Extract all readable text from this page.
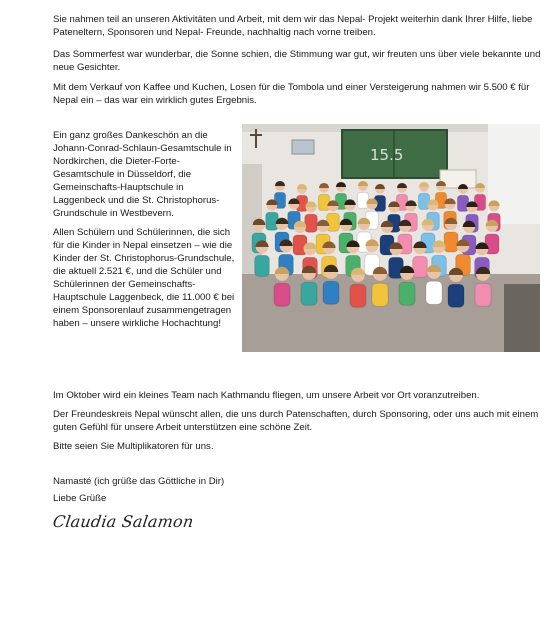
Sie nahmen teil an unseren Aktivitäten und Arbeit, mit dem wir das Nepal- Projekt weiterhin dank Ihrer Hilfe, liebe Pateneltern, Sponsoren und Nepal- Freunde, nachhaltig nach vorne treiben.

Das Sommerfest war wunderbar, die Sonne schien, die Stimmung war gut, wir freuten uns über viele bekannte und neue Gesichter.

Mit dem Verkauf von Kaffee und Kuchen, Losen für die Tombola und einer Versteigerung nahmen wir 5.500 € für Nepal ein – das war ein wirklich gutes Ergebnis.

Ein ganz großes Dankeschön an die Johann-Conrad-Schlaun-Gesamtschule in Nordkirchen, die Dieter-Forte-Gesamtschule in Düsseldorf, die Gemeinschafts-Hauptschule in Laggenbeck und die St. Christophorus-Grundschule in Westbevern.

Allen Schülern und Schülerinnen, die sich für die Kinder in Nepal einsetzen – wie die Kinder der St. Christophorus-Grundschule, die aktuell 2.521 €, und die Schüler und Schülerinnen der Gemeinschafts-Hauptschule Laggenbeck, die 11.000 € bei einem Sponsorenlauf zusammengetragen haben – unsere wirkliche Hochachtung!

15.5

Im Oktober wird ein kleines Team nach Kathmandu fliegen, um unsere Arbeit vor Ort voranzutreiben.

Der Freundeskreis Nepal wünscht allen, die uns durch Patenschaften, durch Sponsoring, oder uns auch mit einem guten Gefühl für unsere Arbeit unterstützen eine schöne Zeit.

Bitte seien Sie Multiplikatoren für uns.

Namasté (ich grüße das Göttliche in Dir)

Liebe Grüße

Claudia Salamon
